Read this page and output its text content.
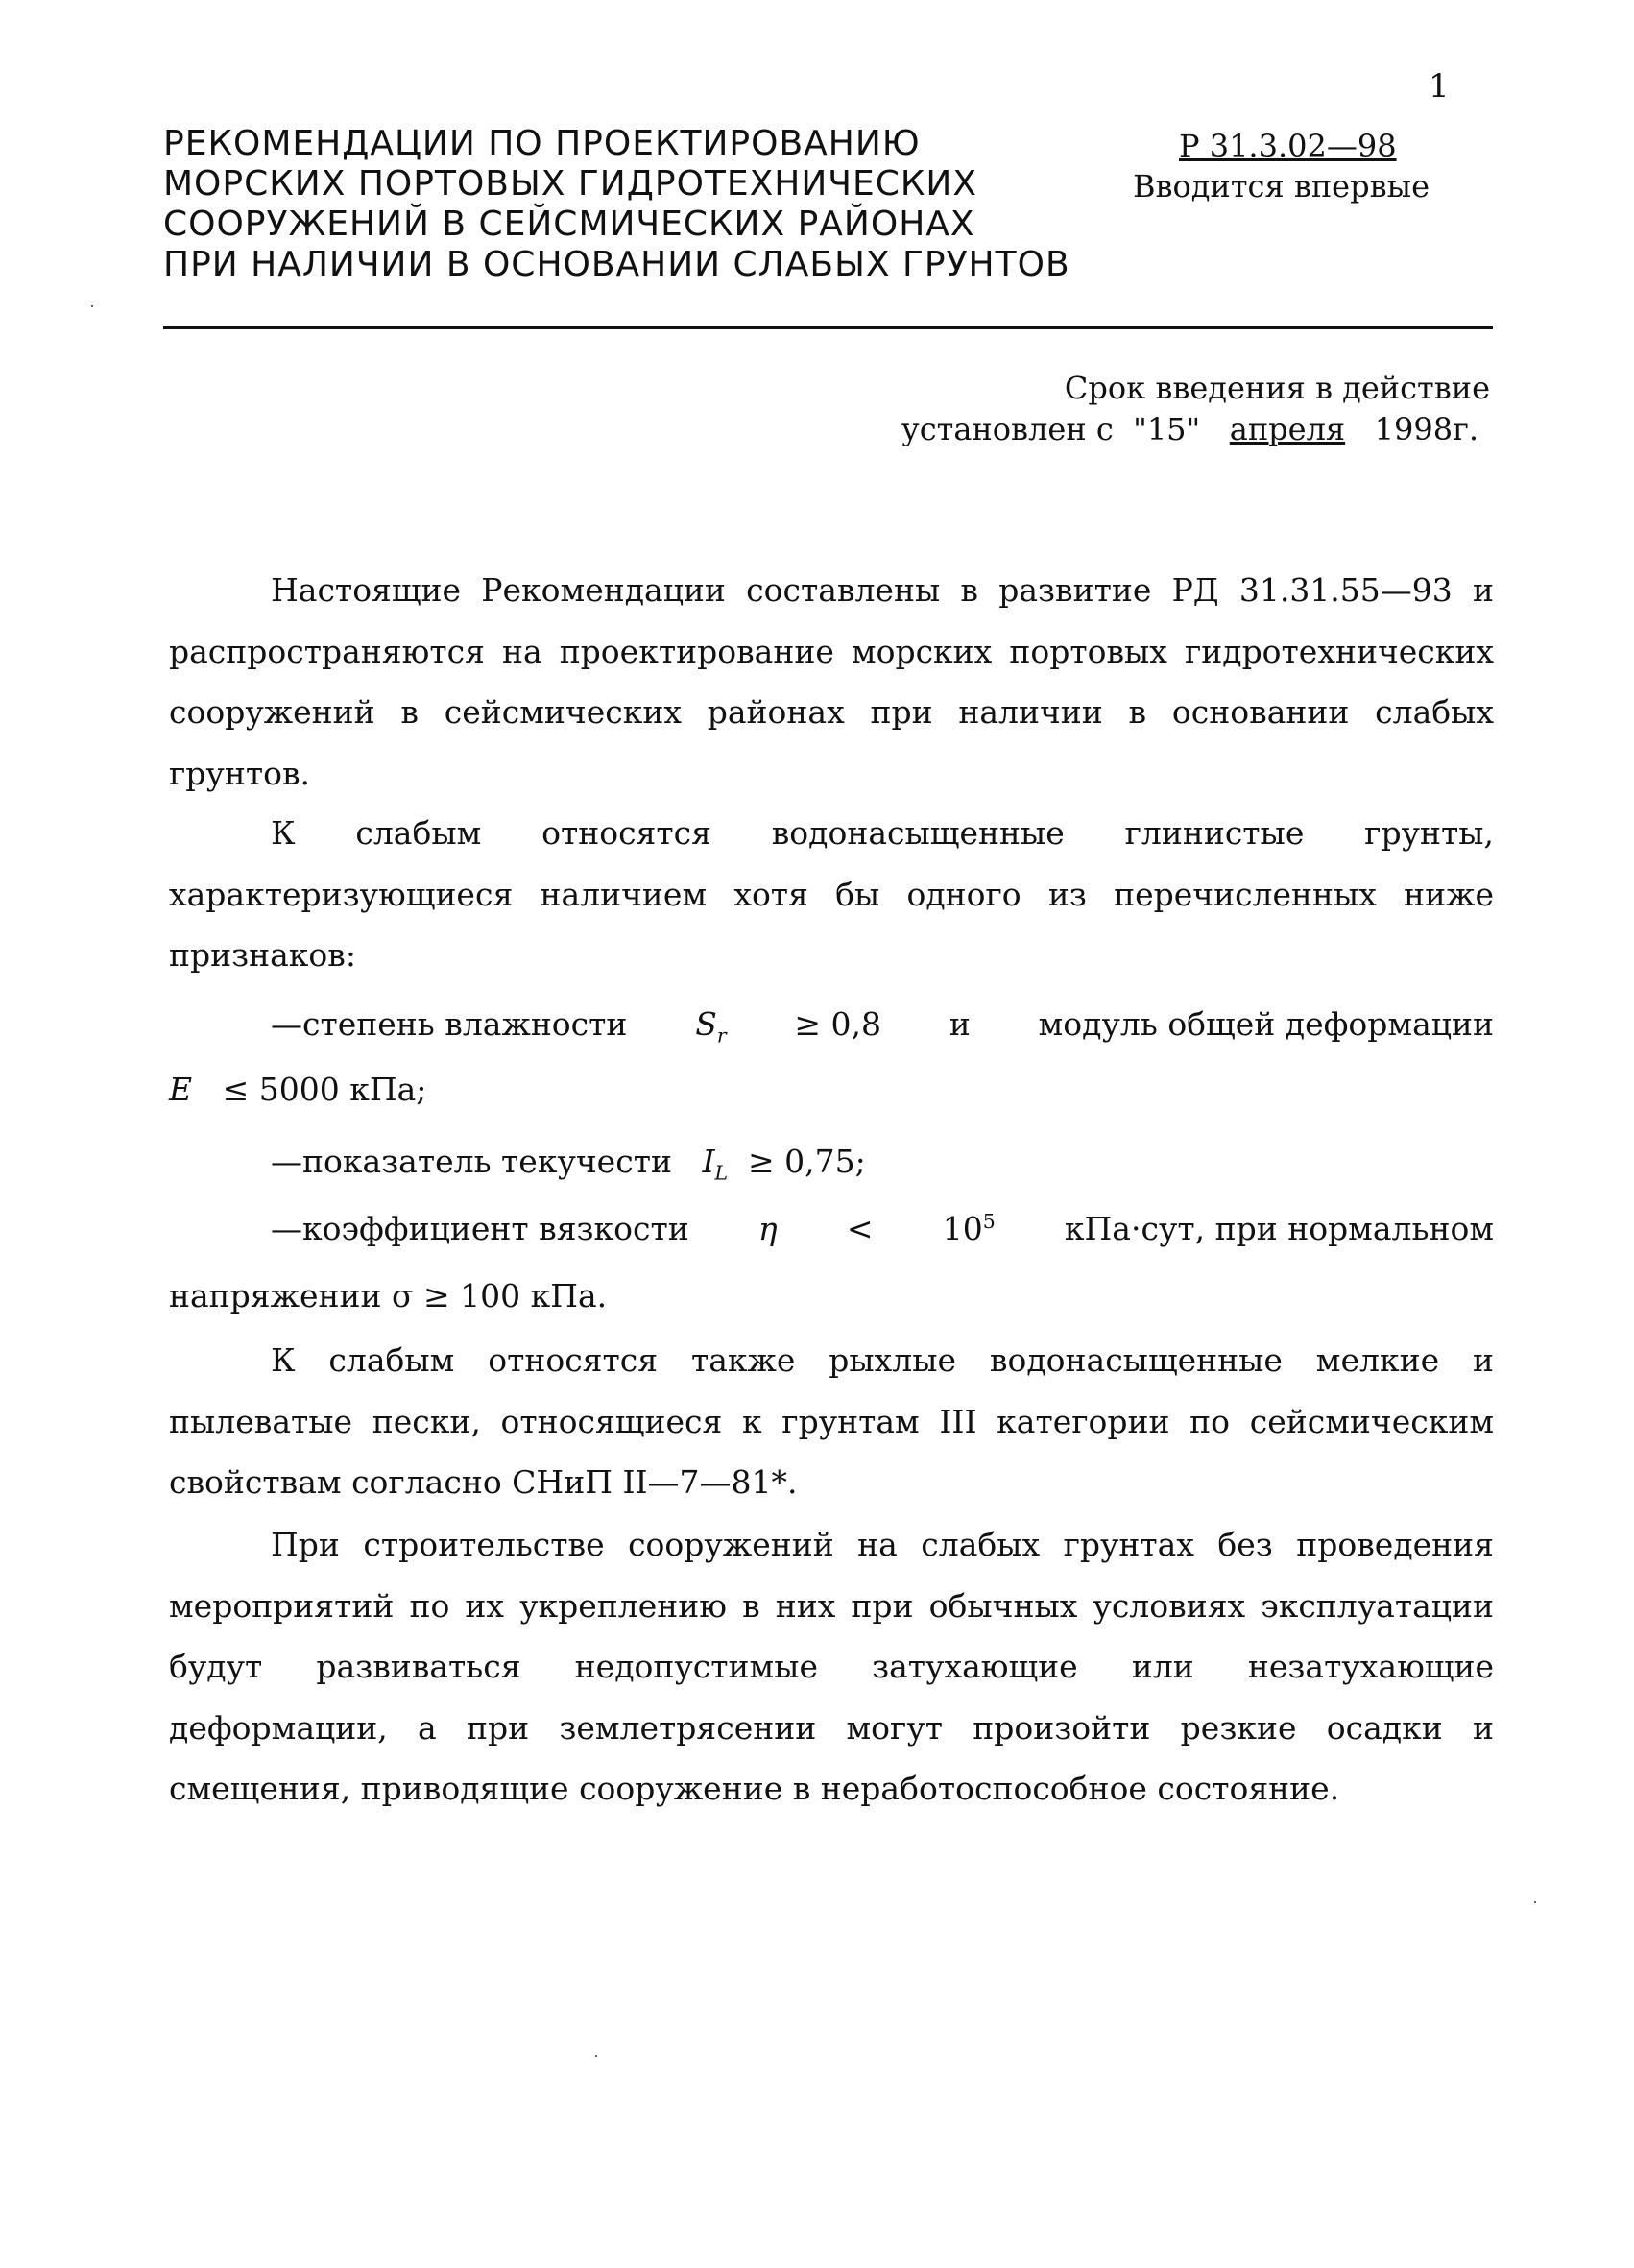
1
РЕКОМЕНДАЦИИ ПО ПРОЕКТИРОВАНИЮ
МОРСКИХ ПОРТОВЫХ ГИДРОТЕХНИЧЕСКИХ
СООРУЖЕНИЙ В СЕЙСМИЧЕСКИХ РАЙОНАХ
ПРИ НАЛИЧИИ В ОСНОВАНИИ СЛАБЫХ ГРУНТОВ
Р 31.3.02—98
Вводится впервые
Срок введения в действие
установлен с "15" апреля 1998г.
Настоящие Рекомендации составлены в развитие РД 31.31.55—93 и распространяются на проектирование морских портовых гидротехнических сооружений в сейсмических районах при наличии в основании слабых грунтов.
К слабым относятся водонасыщенные глинистые грунты, характеризующиеся наличием хотя бы одного из перечисленных ниже признаков:
—степень влажности $S_r \ge 0,8$ и модуль общей деформации
E ≤ 5000 кПа;
—показатель текучести $I_L \ge 0,75$;
—коэффициент вязкости $\eta < 10^5$ кПа·сут, при нормальном
напряжении σ ≥ 100 кПа.
К слабым относятся также рыхлые водонасыщенные мелкие и пылеватые пески, относящиеся к грунтам III категории по сейсмическим свойствам согласно СНиП II—7—81*.
При строительстве сооружений на слабых грунтах без проведения мероприятий по их укреплению в них при обычных условиях эксплуатации будут развиваться недопустимые затухающие или незатухающие деформации, а при землетрясении могут произойти резкие осадки и смещения, приводящие сооружение в неработоспособное состояние.
